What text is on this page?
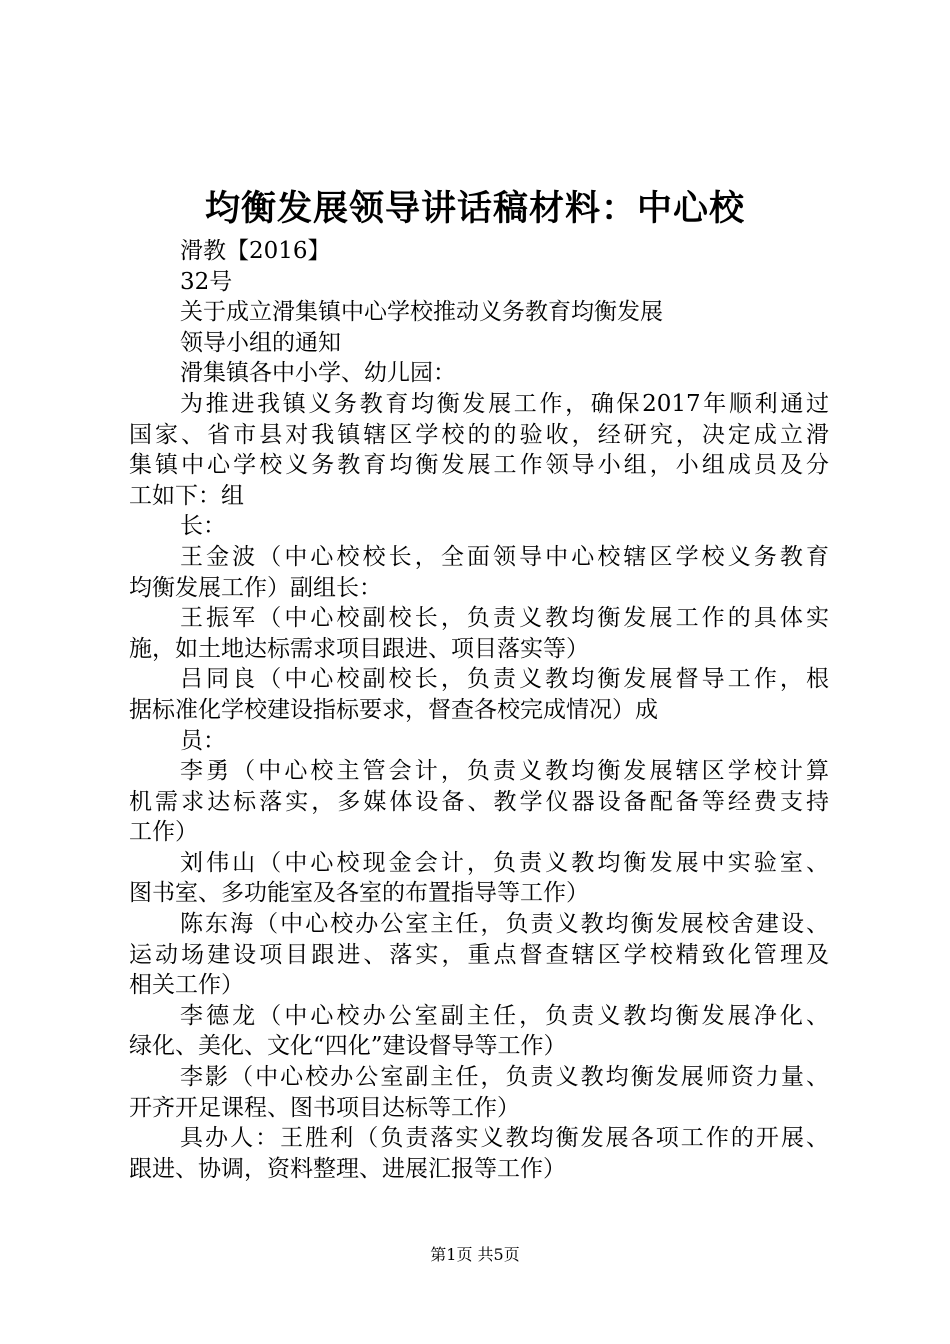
均衡发展领导讲话稿材料：中心校
滑教【2016】
32号
关于成立滑集镇中心学校推动义务教育均衡发展
领导小组的通知
滑集镇各中小学、幼儿园：
为推进我镇义务教育均衡发展工作，确保2017年顺利通过
国家、省市县对我镇辖区学校的的验收，经研究，决定成立滑
集镇中心学校义务教育均衡发展工作领导小组，小组成员及分
工如下：组
长：
王金波（中心校校长，全面领导中心校辖区学校义务教育
均衡发展工作）副组长：
王振军（中心校副校长，负责义教均衡发展工作的具体实
施，如土地达标需求项目跟进、项目落实等）
吕同良（中心校副校长，负责义教均衡发展督导工作，根
据标准化学校建设指标要求，督查各校完成情况）成
员：
李勇（中心校主管会计，负责义教均衡发展辖区学校计算
机需求达标落实，多媒体设备、教学仪器设备配备等经费支持
工作）
刘伟山（中心校现金会计，负责义教均衡发展中实验室、
图书室、多功能室及各室的布置指导等工作）
陈东海（中心校办公室主任，负责义教均衡发展校舍建设、
运动场建设项目跟进、落实，重点督查辖区学校精致化管理及
相关工作）
李德龙（中心校办公室副主任，负责义教均衡发展净化、
绿化、美化、文化“四化”建设督导等工作）
李影（中心校办公室副主任，负责义教均衡发展师资力量、
开齐开足课程、图书项目达标等工作）
具办人：王胜利（负责落实义教均衡发展各项工作的开展、
跟进、协调，资料整理、进展汇报等工作）
第1页 共5页
